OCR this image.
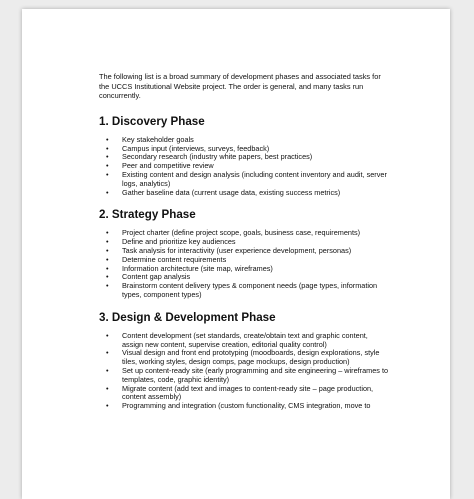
The following list is a broad summary of development phases and associated tasks for the UCCS Institutional Website project. The order is general, and many tasks run concurrently.

1. Discovery Phase
• Key stakeholder goals
• Campus input (interviews, surveys, feedback)
• Secondary research (industry white papers, best practices)
• Peer and competitive review
• Existing content and design analysis (including content inventory and audit, server logs, analytics)
• Gather baseline data (current usage data, existing success metrics)
2. Strategy Phase
• Project charter (define project scope, goals, business case, requirements)
• Define and prioritize key audiences
• Task analysis for interactivity (user experience development, personas)
• Determine content requirements
• Information architecture (site map, wireframes)
• Content gap analysis
• Brainstorm content delivery types & component needs (page types, information types, component types)
3. Design & Development Phase
• Content development (set standards, create/obtain text and graphic content, assign new content, supervise creation, editorial quality control)
• Visual design and front end prototyping (moodboards, design explorations, style tiles, working styles, design comps, page mockups, design production)
• Set up content-ready site (early programming and site engineering – wireframes to templates, code, graphic identity)
• Migrate content (add text and images to content-ready site – page production, content assembly)
• Programming and integration (custom functionality, CMS integration, move to
